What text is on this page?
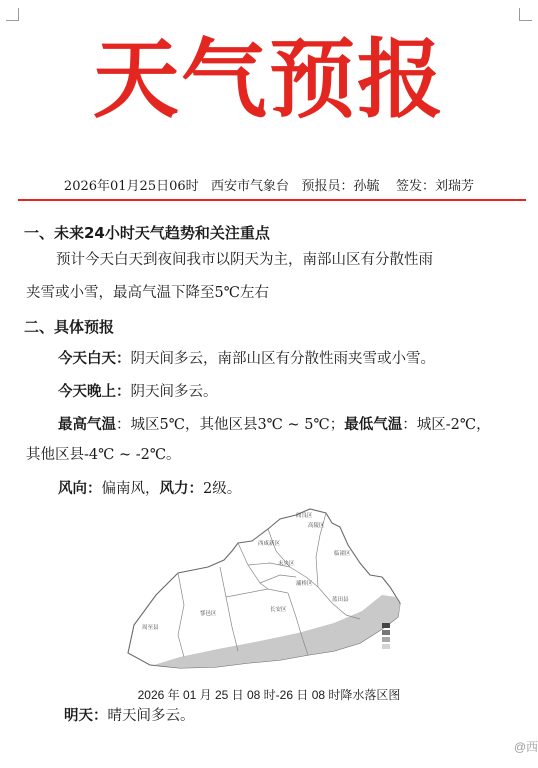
天气预报
2026年01月25日06时 西安市气象台 预报员：孙毓 签发：刘瑞芳
一、未来24小时天气趋势和关注重点
预计今天白天到夜间我市以阴天为主，南部山区有分散性雨
夹雪或小雪，最高气温下降至5℃左右
二、具体预报
今天白天：阴天间多云，南部山区有分散性雨夹雪或小雪。
今天晚上：阴天间多云。
最高气温：城区5℃，其他区县3℃ ~ 5℃；最低气温：城区-2℃，
其他区县-4℃ ~ -2℃。
风向：偏南风，风力：2级。
高陵区
临潼区
阎良区
未央区
灞桥区
长安区
蓝田县
周至县
鄠邑区
西咸新区
2026 年 01 月 25 日 08 时-26 日 08 时降水落区图
明天：晴天间多云。
@西
